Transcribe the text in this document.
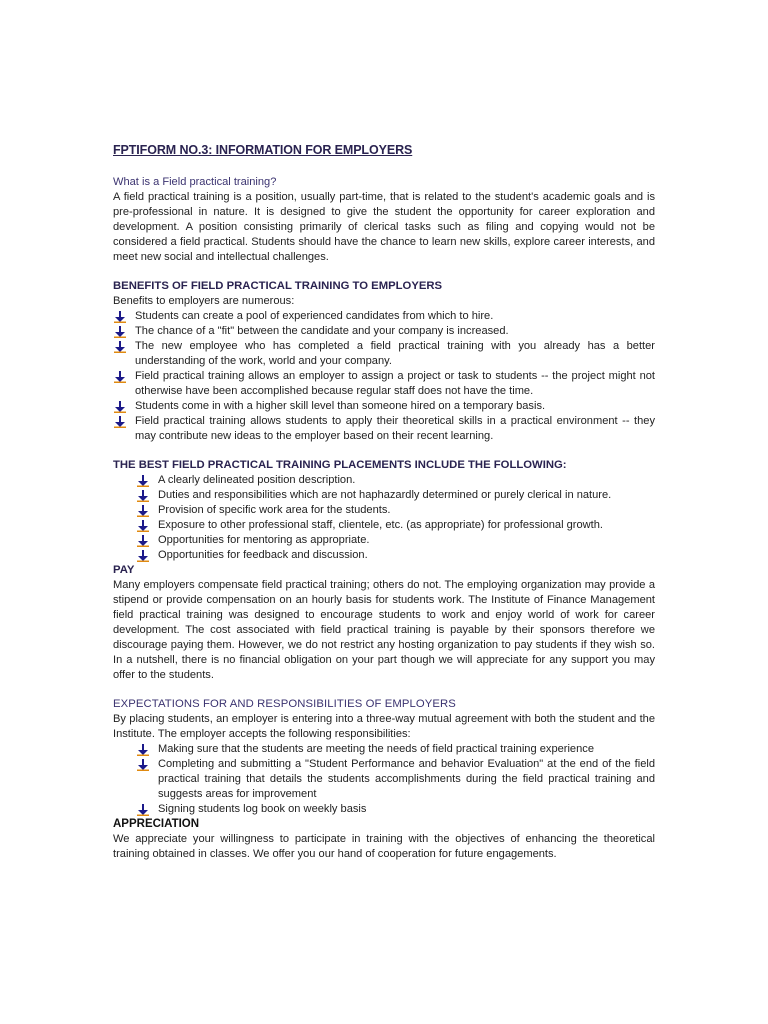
FPTIFORM NO.3: INFORMATION FOR EMPLOYERS
What is a Field practical training?
A field practical training is a position, usually part-time, that is related to the student's academic goals and is pre-professional in nature. It is designed to give the student the opportunity for career exploration and development. A position consisting primarily of clerical tasks such as filing and copying would not be considered a field practical. Students should have the chance to learn new skills, explore career interests, and meet new social and intellectual challenges.
BENEFITS OF FIELD PRACTICAL TRAINING TO EMPLOYERS
Benefits to employers are numerous:
Students can create a pool of experienced candidates from which to hire.
The chance of a "fit" between the candidate and your company is increased.
The new employee who has completed a field practical training with you already has a better understanding of the work, world and your company.
Field practical training allows an employer to assign a project or task to students -- the project might not otherwise have been accomplished because regular staff does not have the time.
Students come in with a higher skill level than someone hired on a temporary basis.
Field practical training allows students to apply their theoretical skills in a practical environment -- they may contribute new ideas to the employer based on their recent learning.
THE BEST FIELD PRACTICAL TRAINING PLACEMENTS INCLUDE THE FOLLOWING:
A clearly delineated position description.
Duties and responsibilities which are not haphazardly determined or purely clerical in nature.
Provision of specific work area for the students.
Exposure to other professional staff, clientele, etc. (as appropriate) for professional growth.
Opportunities for mentoring as appropriate.
Opportunities for feedback and discussion.
PAY
Many employers compensate field practical training; others do not. The employing organization may provide a stipend or provide compensation on an hourly basis for students work. The Institute of Finance Management field practical training was designed to encourage students to work and enjoy world of work for career development. The cost associated with field practical training is payable by their sponsors therefore we discourage paying them. However, we do not restrict any hosting organization to pay students if they wish so. In a nutshell, there is no financial obligation on your part though we will appreciate for any support you may offer to the students.
EXPECTATIONS FOR AND RESPONSIBILITIES OF EMPLOYERS
By placing students, an employer is entering into a three-way mutual agreement with both the student and the Institute. The employer accepts the following responsibilities:
Making sure that the students are meeting the needs of field practical training experience
Completing and submitting a "Student Performance and behavior Evaluation" at the end of the field practical training that details the students accomplishments during the field practical training and suggests areas for improvement
Signing students log book on weekly basis
APPRECIATION
We appreciate your willingness to participate in training with the objectives of enhancing the theoretical training obtained in classes. We offer you our hand of cooperation for future engagements.
